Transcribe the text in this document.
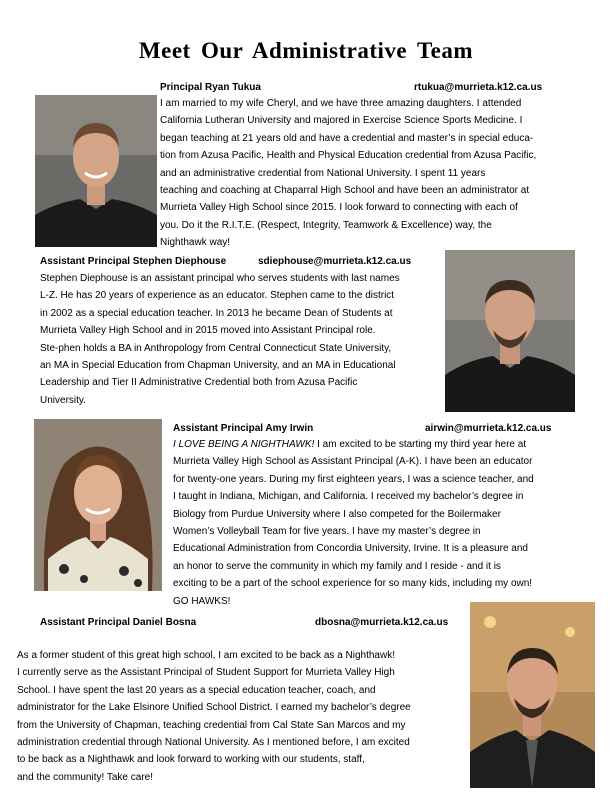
Meet Our Administrative Team
Principal Ryan Tukua	rtukua@murrieta.k12.ca.us
I am married to my wife Cheryl, and we have three amazing daughters. I attended
California Lutheran University and majored in Exercise Science Sports Medicine. I
began teaching at 21 years old and have a credential and master’s in special educa-
tion from Azusa Pacific, Health and Physical Education credential from Azusa Pacific,
and an administrative credential from National University. I spent 11 years
teaching and coaching at Chaparral High School and have been an administrator at
Murrieta Valley High School since 2015. I look forward to connecting with each of
you. Do it the R.I.T.E. (Respect, Integrity, Teamwork & Excellence) way, the
Nighthawk way!
Assistant Principal Stephen Diephouse	sdiephouse@murrieta.k12.ca.us
Stephen Diephouse is an assistant principal who serves students with last names
L-Z. He has 20 years of experience as an educator. Stephen came to the district
in 2002 as a special education teacher. In 2013 he became Dean of Students at
Murrieta Valley High School and in 2015 moved into Assistant Principal role.
Ste-phen holds a BA in Anthropology from Central Connecticut State University,
an MA in Special Education from Chapman University, and an MA in Educational
Leadership and Tier II Administrative Credential both from Azusa Pacific
University.
Assistant Principal Amy Irwin	airwin@murrieta.k12.ca.us
I LOVE BEING A NIGHTHAWK! I am excited to be starting my third year here at
Murrieta Valley High School as Assistant Principal (A-K). I have been an educator
for twenty-one years. During my first eighteen years, I was a science teacher, and
I taught in Indiana, Michigan, and California. I received my bachelor’s degree in
Biology from Purdue University where I also competed for the Boilermaker
Women’s Volleyball Team for five years. I have my master’s degree in
Educational Administration from Concordia University, Irvine. It is a pleasure and
an honor to serve the community in which my family and I reside - and it is
exciting to be a part of the school experience for so many kids, including my own!
GO HAWKS!
Assistant Principal Daniel Bosna	dbosna@murrieta.k12.ca.us
As a former student of this great high school, I am excited to be back as a Nighthawk!
I currently serve as the Assistant Principal of Student Support for Murrieta Valley High
School. I have spent the last 20 years as a special education teacher, coach, and
administrator for the Lake Elsinore Unified School District. I earned my bachelor’s degree
from the University of Chapman, teaching credential from Cal State San Marcos and my
administration credential through National University. As I mentioned before, I am excited
to be back as a Nighthawk and look forward to working with our students, staff,
and the community! Take care!
